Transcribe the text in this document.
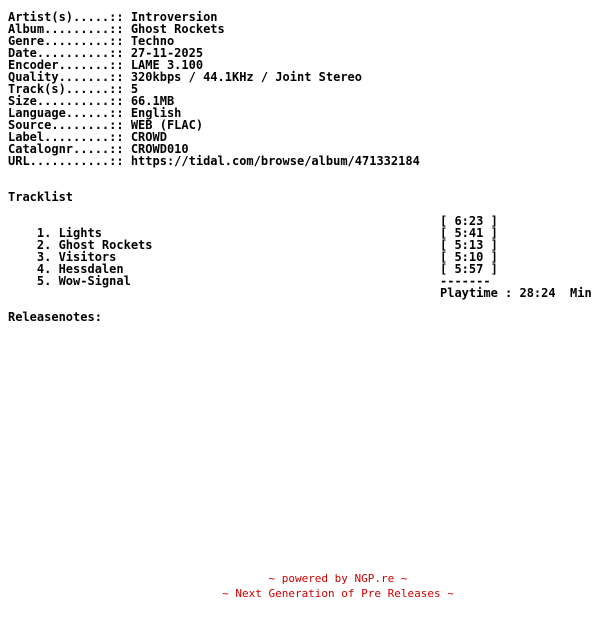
Artist(s).....:: Introversion
Album.........:: Ghost Rockets
Genre.........:: Techno
Date..........:: 27-11-2025
Encoder.......:: LAME 3.100
Quality.......:: 320kbps / 44.1KHz / Joint Stereo
Track(s)......:: 5
Size..........:: 66.1MB
Language......:: English
Source........:: WEB (FLAC)
Label.........:: CROWD
Catalognr.....:: CROWD010
URL...........:: https://tidal.com/browse/album/471332184
Tracklist

1. Lights

[ 6:23 ]

2. Ghost Rockets

[ 5:41 ]

3. Visitors

[ 5:13 ]

4. Hessdalen

[ 5:10 ]

5. Wow-Signal

[ 5:57 ]

-------

Playtime : 28:24  Min

Releasenotes:
~ powered by NGP.re ~
~ Next Generation of Pre Releases ~
